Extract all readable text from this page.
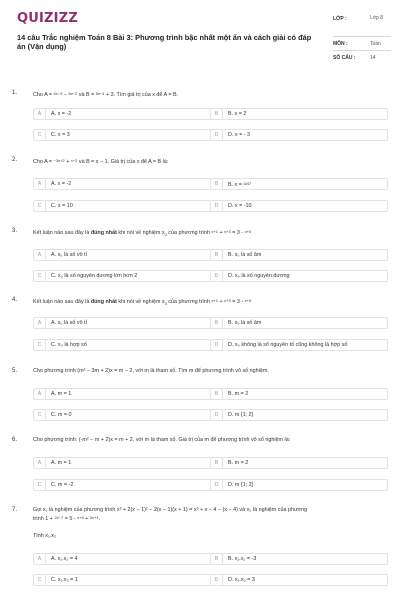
QUIZIZZ
14 câu Trắc nghiệm Toán 8 Bài 3: Phương trình bậc nhất một ẩn và cách giải có đáp án (Vận dụng)
LỚP :	Lớp 8
MÔN :	Toán
SỐ CÂU :	14
1.	Cho A = 4x−3 − 6x−2 và B = 5x−4 + 3. Tìm giá trị của x để A = B.
A	A. x = -2	B	B. x = 2
C	C. x = 3	D	D. x = - 3
2.	Cho A = −3x+2 + x−2 và B = x − 1. Giá trị của x để A = B là:
A	A. x = -2	B	B. x = 4/47
C	C. x = 10	D	D. x = -10
3.	Kết luận nào sau đây là đúng nhất khi nói về nghiệm $x_0$ của phương trình x+1 + x+3 = 3 - x+5
A	A. x₀ là số vô tỉ	B	B. x₀ là số âm
C	C. x₀ là số nguyên dương lớn hơn 2	D	D. x₀ là số nguyên dương
4.	Kết luận nào sau đây là đúng nhất khi nói về nghiệm $x_0$ của phương trình x+1 + x+3 = 3 - x+5
A	A. x₀ là số vô tỉ	B	B. x₀ là số âm
C	C. x₀ là hợp số	D	D. x₀ không là số nguyên tố cũng không là hợp số
5.	Cho phương trình (m² − 3m + 2)x = m − 2, với m là tham số. Tìm m để phương trình vô số nghiệm.
A	A. m = 1	B	B. m = 2
C	C. m = 0	D	D. m {1; 2}
6.	Cho phương trình: (-m² − m + 2)x = m + 2, với m là tham số. Giá trị của m để phương trình vô số nghiệm là:
A	A. m = 1	B	B. m = 2
C	C. m = -2	D	D. m {1; 2}
7.	Gọi x₁ là nghiệm của phương trình x³ + 2(x − 1)² − 2(x − 1)(x + 1) = x³ + x − 4 − (x − 4) và x₂ là nghiệm của phương
trình 1 + 2x−7 = 5 - x+6 + 3x+1.
Tính x₁.x₂
A	A. x₁.x₂ = 4	B	B. x₁.x₂ = -3
C	C. x₁.x₂ = 1	D	D. x₁.x₂ = 3
